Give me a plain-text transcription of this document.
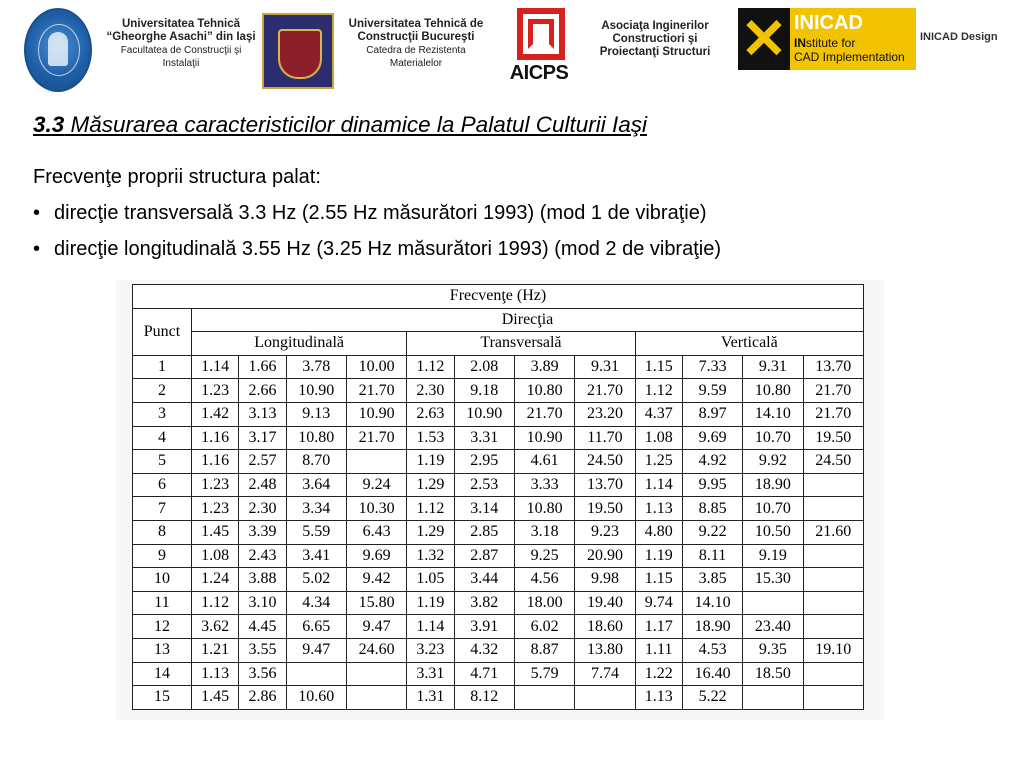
Universitatea Tehnică
“Gheorghe Asachi” din Iaşi
Facultatea de Construcţii şi
Instalaţii
Universitatea Tehnică de
Construcţii Bucureşti
Catedra de Rezistenta
Materialelor	AICPS
Asociaţa Inginerilor
Constructiori şi
Proiectanţi Structuri ✕ INICAD
INstitute for
CAD Implementation
INICAD Design
3.3 Măsurarea caracteristicilor dinamice la Palatul Culturii Iaşi
Frecvenţe proprii structura palat:
• direcţie transversală 3.3 Hz (2.55 Hz măsurători 1993) (mod 1 de vibraţie)
• direcţie longitudinală 3.55 Hz (3.25 Hz măsurători 1993) (mod 2 de vibraţie)
Frecvenţe (Hz)												
Punct	Direcţia											
	Longitudinală				Transversală				Verticală			
1	1.14	1.66	3.78	10.00	1.12	2.08	3.89	9.31	1.15	7.33	9.31	13.70
2	1.23	2.66	10.90	21.70	2.30	9.18	10.80	21.70	1.12	9.59	10.80	21.70
3	1.42	3.13	9.13	10.90	2.63	10.90	21.70	23.20	4.37	8.97	14.10	21.70
4	1.16	3.17	10.80	21.70	1.53	3.31	10.90	11.70	1.08	9.69	10.70	19.50
5	1.16	2.57	8.70		1.19	2.95	4.61	24.50	1.25	4.92	9.92	24.50
6	1.23	2.48	3.64	9.24	1.29	2.53	3.33	13.70	1.14	9.95	18.90	
7	1.23	2.30	3.34	10.30	1.12	3.14	10.80	19.50	1.13	8.85	10.70	
8	1.45	3.39	5.59	6.43	1.29	2.85	3.18	9.23	4.80	9.22	10.50	21.60
9	1.08	2.43	3.41	9.69	1.32	2.87	9.25	20.90	1.19	8.11	9.19	
10	1.24	3.88	5.02	9.42	1.05	3.44	4.56	9.98	1.15	3.85	15.30	
11	1.12	3.10	4.34	15.80	1.19	3.82	18.00	19.40	9.74	14.10		
12	3.62	4.45	6.65	9.47	1.14	3.91	6.02	18.60	1.17	18.90	23.40	
13	1.21	3.55	9.47	24.60	3.23	4.32	8.87	13.80	1.11	4.53	9.35	19.10
14	1.13	3.56			3.31	4.71	5.79	7.74	1.22	16.40	18.50	
15	1.45	2.86	10.60		1.31	8.12			1.13	5.22		
